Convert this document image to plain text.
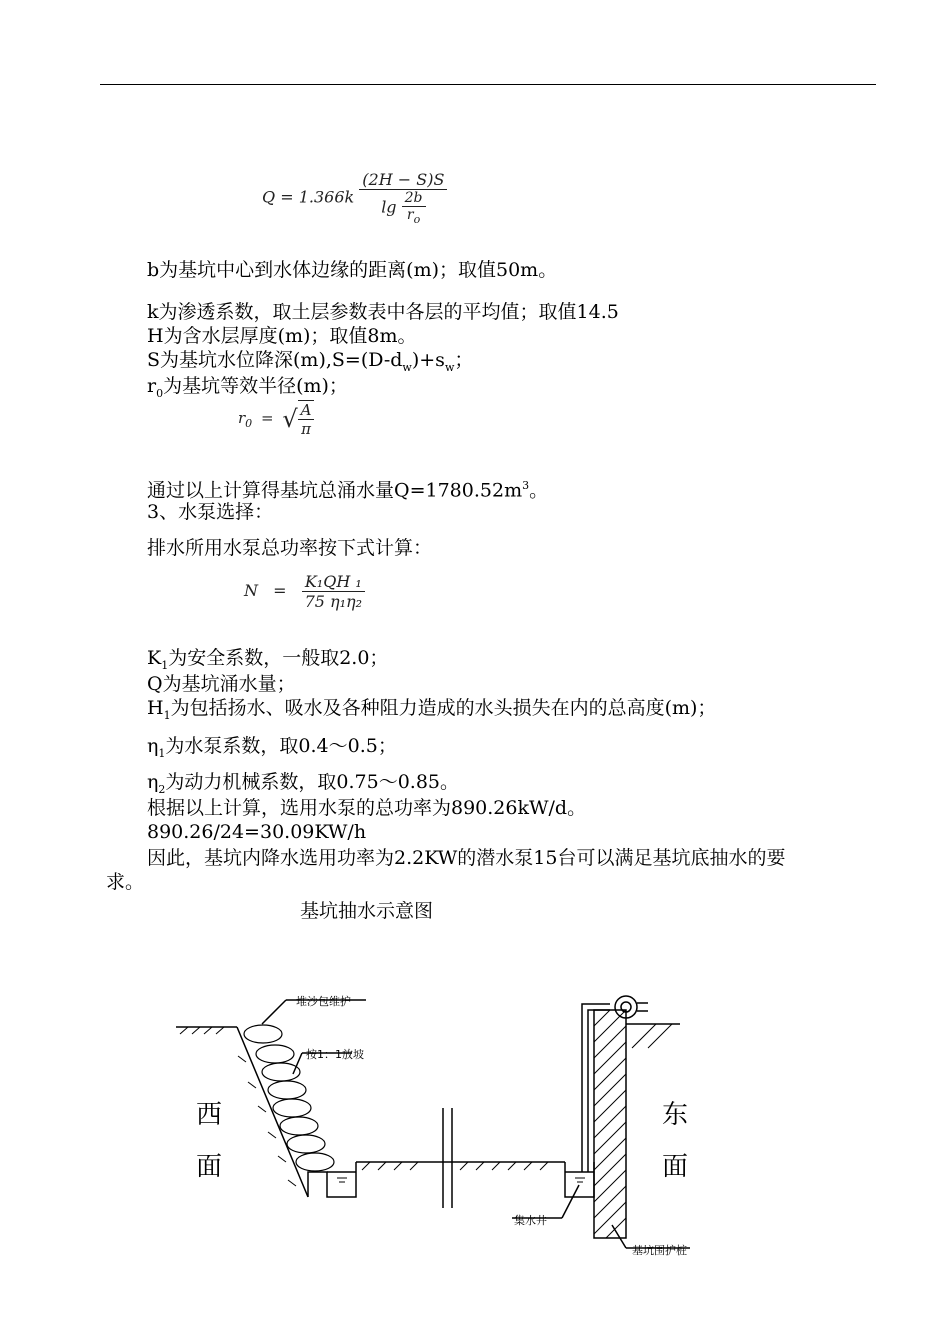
$Q = 1.366k \frac{(2H - S)S}{\lg \frac{2b}{r_o}}$
b为基坑中心到水体边缘的距离(m)；取值50m。
k为渗透系数，取土层参数表中各层的平均值；取值14.5
H为含水层厚度(m)；取值8m。
S为基坑水位降深$(m),S=(D-d_w)+s_w$；
$r_0$为基坑等效半径(m)；
$r_0$ = √ $\frac{A}{\pi}$
通过以上计算得基坑总涌水量$Q=1780.52m^3$。
3、水泵选择：
排水所用水泵总功率按下式计算：
$N = \frac{\text{K₁QH ₁}}{\text{75 η₁η₂}}$
$K_1$为安全系数，一般取2.0；
Q为基坑涌水量；
$H_1$为包括扬水、吸水及各种阻力造成的水头损失在内的总高度(m)；
$\eta_1$为水泵系数，取0.4～0.5；
$\eta_2$为动力机械系数，取0.75～0.85。
根据以上计算，选用水泵的总功率为890.26kW/d。
890.26/24=30.09KW/h
因此，基坑内降水选用功率为2.2KW的潜水泵15台可以满足基坑底抽水的要
求。
基坑抽水示意图
堆沙包维护
按1：1放坡
集水井
基坑围护桩
西
面
东
面
